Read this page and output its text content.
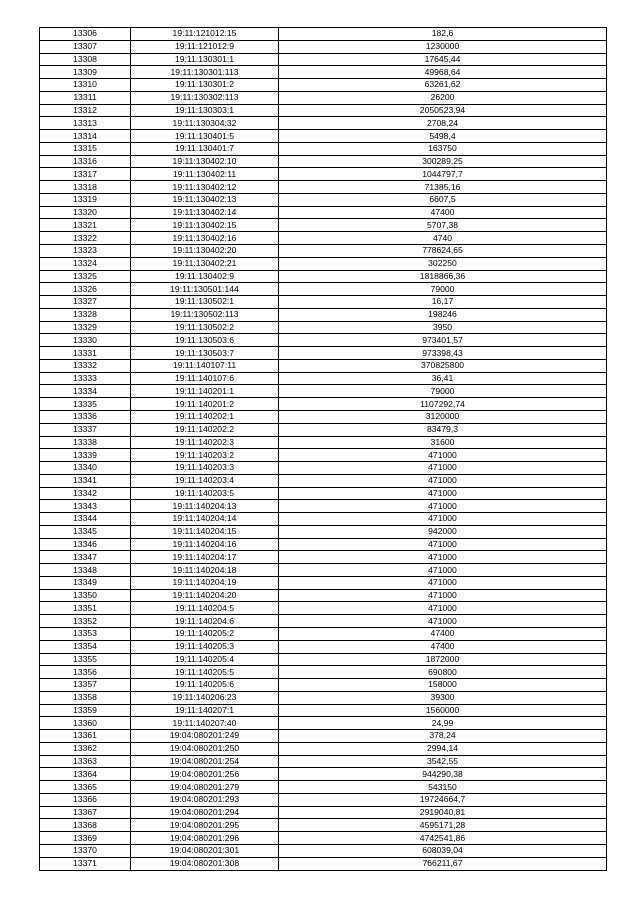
13306	19:11:121012:15	182,6
13307	19:11:121012:9	1230000
13308	19:11:130301:1	17645,44
13309	19:11:130301:113	49968,64
13310	19:11:130301:2	63261,62
13311	19:11:130302:113	26200
13312	19:11:130303:1	2050523,94
13313	19:11:130304:32	2708,24
13314	19:11:130401:5	5498,4
13315	19:11:130401:7	163750
13316	19:11:130402:10	300289,25
13317	19:11:130402:11	1044797,7
13318	19:11:130402:12	71385,16
13319	19:11:130402:13	6607,5
13320	19:11:130402:14	47400
13321	19:11:130402:15	5707,38
13322	19:11:130402:16	4740
13323	19:11:130402:20	778624,65
13324	19:11:130402:21	302250
13325	19:11:130402:9	1818866,36
13326	19:11:130501:144	79000
13327	19:11:130502:1	16,17
13328	19:11:130502:113	198246
13329	19:11:130502:2	3950
13330	19:11:130503:6	973401,57
13331	19:11:130503:7	973398,43
13332	19:11:140107:11	370825800
13333	19:11:140107:6	36,41
13334	19:11:140201:1	79000
13335	19:11:140201:2	1107292,74
13336	19:11:140202:1	3120000
13337	19:11:140202:2	83479,3
13338	19:11:140202:3	31600
13339	19:11:140203:2	471000
13340	19:11:140203:3	471000
13341	19:11:140203:4	471000
13342	19:11:140203:5	471000
13343	19:11:140204:13	471000
13344	19:11:140204:14	471000
13345	19:11:140204:15	942000
13346	19:11:140204:16	471000
13347	19:11:140204:17	471000
13348	19:11:140204:18	471000
13349	19:11:140204:19	471000
13350	19:11:140204:20	471000
13351	19:11:140204:5	471000
13352	19:11:140204:6	471000
13353	19:11:140205:2	47400
13354	19:11:140205:3	47400
13355	19:11:140205:4	1872000
13356	19:11:140205:5	690800
13357	19:11:140205:6	158000
13358	19:11:140206:23	39300
13359	19:11:140207:1	1560000
13360	19:11:140207:40	24,99
13361	19:04:080201:249	378,24
13362	19:04:080201:250	2994,14
13363	19:04:080201:254	3542,55
13364	19:04:080201:256	944290,38
13365	19:04:080201:279	543150
13366	19:04:080201:293	19724664,7
13367	19:04:080201:294	2919040,81
13368	19:04:080201:295	4595171,28
13369	19:04:080201:296	4742541,86
13370	19:04:080201:301	608039,04
13371	19:04:080201:308	766211,67
